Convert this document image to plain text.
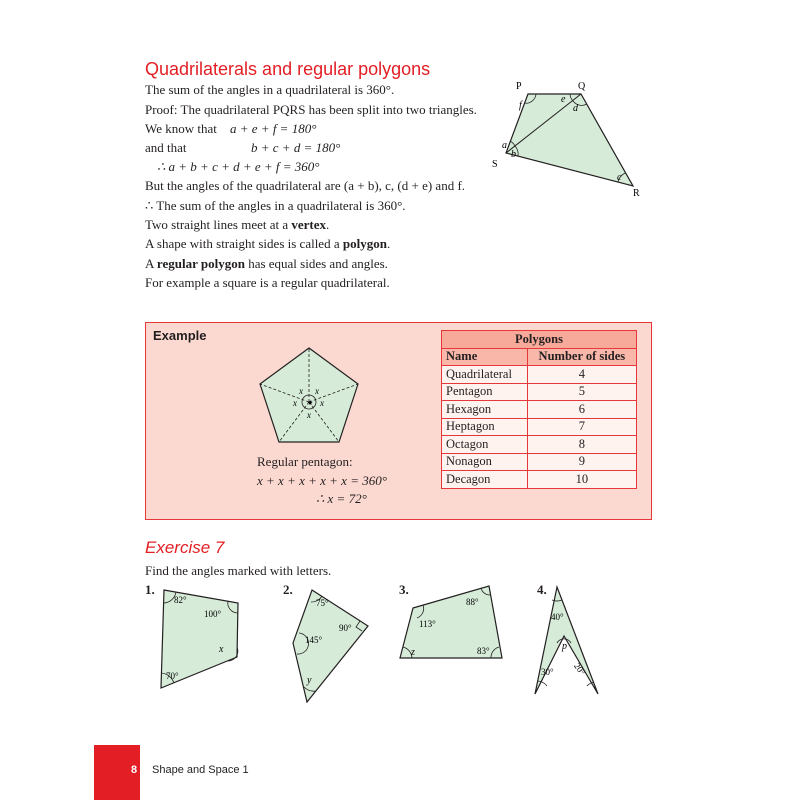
Quadrilaterals and regular polygons
The sum of the angles in a quadrilateral is 360°.
Proof: The quadrilateral PQRS has been split into two triangles.
We know that a + e + f = 180°
and that	b + c + d = 180°
∴ a + b + c + d + e + f = 360°
But the angles of the quadrilateral are (a + b), c, (d + e) and f.
∴ The sum of the angles in a quadrilateral is 360°.
Two straight lines meet at a vertex.
A shape with straight sides is called a polygon.
A regular polygon has equal sides and angles.
For example a square is a regular quadrilateral.
P	Q
R
S
f
e
d
a
b
c
Example
★
x x
x	x
x
Regular pentagon:
x + x + x + x + x = 360°
∴ x = 72°
Polygons	
Name	Number of sides
Quadrilateral	4
Pentagon	5
Hexagon	6
Heptagon	7
Octagon	8
Nonagon	9
Decagon	10
Exercise 7
Find the angles marked with letters.
1.
82°
100°
x
70°
2.
75°
90°
145°
y
3.
113°
88°
83°
z
4.
40°
p
30° 20°
8 Shape and Space 1
